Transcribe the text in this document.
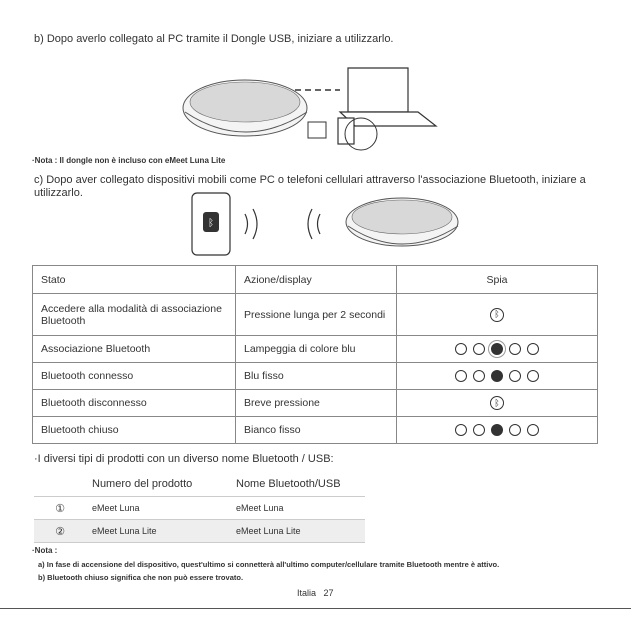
b) Dopo averlo collegato al PC tramite il Dongle USB, iniziare a utilizzarlo.
·Nota : Il dongle non è incluso con eMeet Luna Lite
c) Dopo aver collegato dispositivi mobili come PC o telefoni cellulari attraverso l'associazione Bluetooth, iniziare a
utilizzarlo.
ᛒ
Stato	Azione/display	Spia
Accedere alla modalità di associazione Bluetooth	Pressione lunga per 2 secondi	ᛒ
Associazione Bluetooth	Lampeggia di colore blu	

Bluetooth connesso	Blu fisso	

Bluetooth disconnesso	Breve pressione	ᛒ
Bluetooth chiuso	Bianco fisso	
·I diversi tipi di prodotti con un diverso nome Bluetooth / USB:
	Numero del prodotto	Nome Bluetooth/USB
①	eMeet Luna	eMeet Luna
②	eMeet Luna Lite	eMeet Luna Lite
·Nota :
a) In fase di accensione del dispositivo, quest'ultimo si connetterà all'ultimo computer/cellulare tramite Bluetooth mentre è attivo.
b) Bluetooth chiuso significa che non può essere trovato.
Italia   27
